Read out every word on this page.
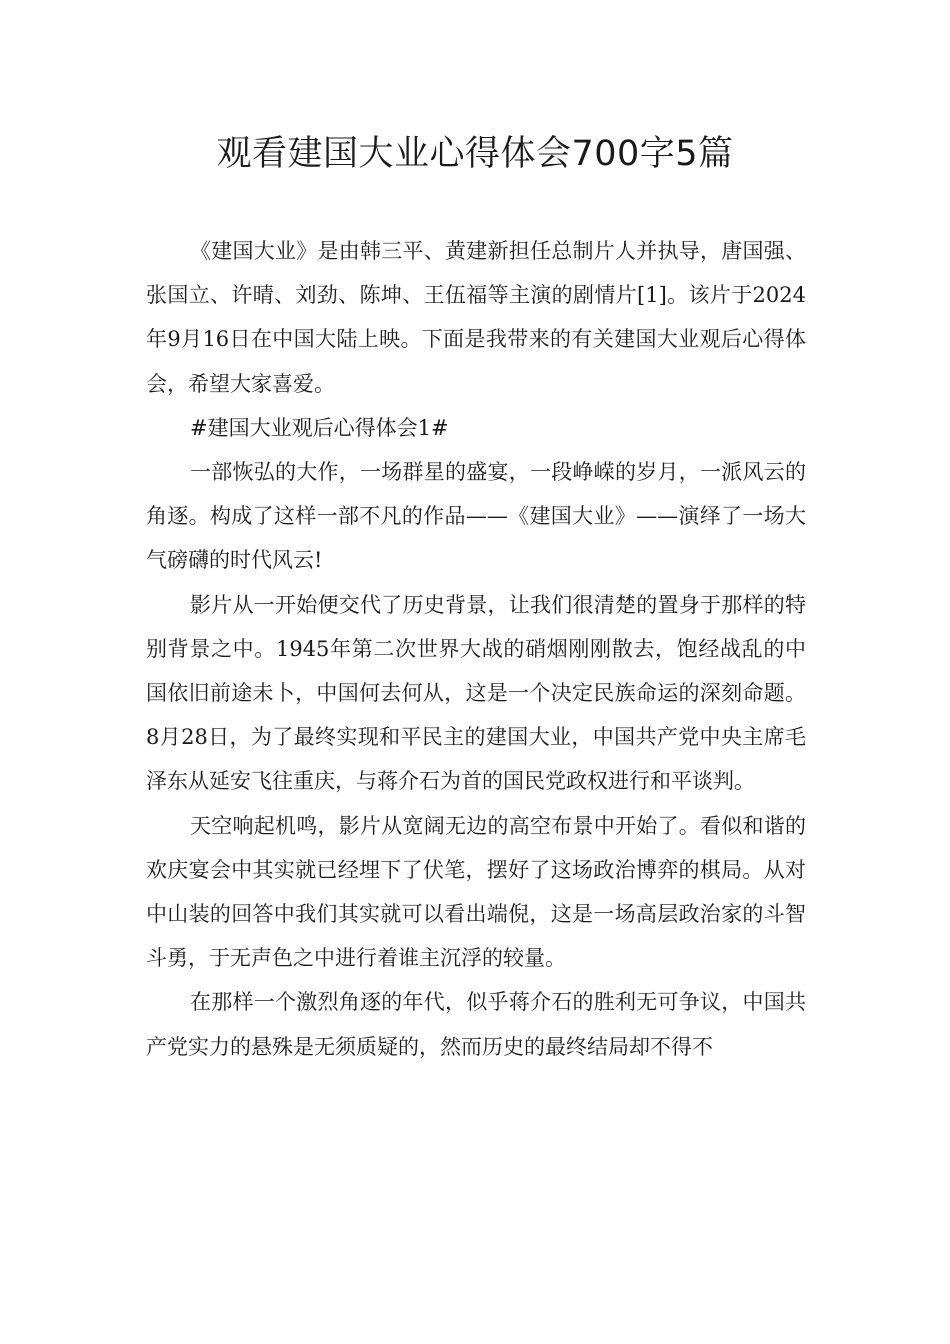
观看建国大业心得体会700字5篇

《建国大业》是由韩三平、黄建新担任总制片人并执导，唐国强、张国立、许晴、刘劲、陈坤、王伍福等主演的剧情片[1]。该片于2024年9月16日在中国大陆上映。下面是我带来的有关建国大业观后心得体会，希望大家喜爱。

#建国大业观后心得体会1#

一部恢弘的大作，一场群星的盛宴，一段峥嵘的岁月，一派风云的角逐。构成了这样一部不凡的作品——《建国大业》——演绎了一场大气磅礴的时代风云!

影片从一开始便交代了历史背景，让我们很清楚的置身于那样的特别背景之中。1945年第二次世界大战的硝烟刚刚散去，饱经战乱的中国依旧前途未卜，中国何去何从，这是一个决定民族命运的深刻命题。8月28日，为了最终实现和平民主的建国大业，中国共产党中央主席毛泽东从延安飞往重庆，与蒋介石为首的国民党政权进行和平谈判。

天空响起机鸣，影片从宽阔无边的高空布景中开始了。看似和谐的欢庆宴会中其实就已经埋下了伏笔，摆好了这场政治博弈的棋局。从对中山装的回答中我们其实就可以看出端倪，这是一场高层政治家的斗智斗勇，于无声色之中进行着谁主沉浮的较量。

在那样一个激烈角逐的年代，似乎蒋介石的胜利无可争议，中国共产党实力的悬殊是无须质疑的，然而历史的最终结局却不得不
